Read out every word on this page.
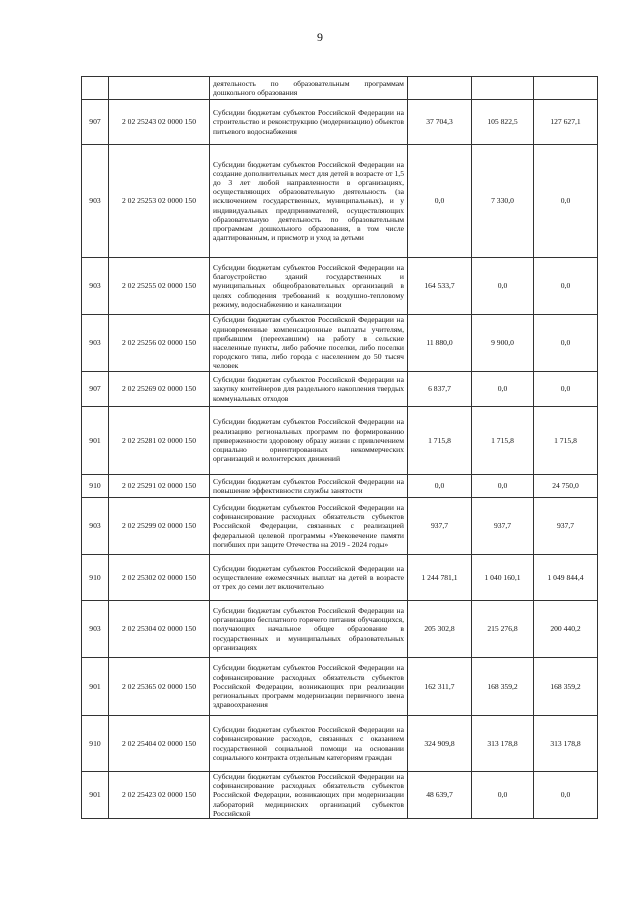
9
		деятельность по образовательным программам дошкольного образования			
907	2 02 25243 02 0000 150	Субсидии бюджетам субъектов Российской Федерации на строительство и реконструкцию (модернизацию) объектов питьевого водоснабжения	37 704,3	105 822,5	127 627,1
903	2 02 25253 02 0000 150	Субсидии бюджетам субъектов Российской Федерации на создание дополнительных мест для детей в возрасте от 1,5 до 3 лет любой направленности в организациях, осуществляющих образовательную деятельность (за исключением государственных, муниципальных), и у индивидуальных предпринимателей, осуществляющих образовательную деятельность по образовательным программам дошкольного образования, в том числе адаптированным, и присмотр и уход за детьми	0,0	7 330,0	0,0
903	2 02 25255 02 0000 150	Субсидии бюджетам субъектов Российской Федерации на благоустройство зданий государственных и муниципальных общеобразовательных организаций в целях соблюдения требований к воздушно-тепловому режиму, водоснабжению и канализации	164 533,7	0,0	0,0
903	2 02 25256 02 0000 150	Субсидии бюджетам субъектов Российской Федерации на единовременные компенсационные выплаты учителям, прибывшим (переехавшим) на работу в сельские населенные пункты, либо рабочие поселки, либо поселки городского типа, либо города с населением до 50 тысяч человек	11 880,0	9 900,0	0,0
907	2 02 25269 02 0000 150	Субсидии бюджетам субъектов Российской Федерации на закупку контейнеров для раздельного накопления твердых коммунальных отходов	6 837,7	0,0	0,0
901	2 02 25281 02 0000 150	Субсидии бюджетам субъектов Российской Федерации на реализацию региональных программ по формированию приверженности здоровому образу жизни с привлечением социально ориентированных некоммерческих организаций и волонтерских движений	1 715,8	1 715,8	1 715,8
910	2 02 25291 02 0000 150	Субсидии бюджетам субъектов Российской Федерации на повышение эффективности службы занятости	0,0	0,0	24 750,0
903	2 02 25299 02 0000 150	Субсидии бюджетам субъектов Российской Федерации на софинансирование расходных обязательств субъектов Российской Федерации, связанных с реализацией федеральной целевой программы «Увековечение памяти погибших при защите Отечества на 2019 - 2024 годы»	937,7	937,7	937,7
910	2 02 25302 02 0000 150	Субсидии бюджетам субъектов Российской Федерации на осуществление ежемесячных выплат на детей в возрасте от трех до семи лет включительно	1 244 781,1	1 040 160,1	1 049 844,4
903	2 02 25304 02 0000 150	Субсидии бюджетам субъектов Российской Федерации на организацию бесплатного горячего питания обучающихся, получающих начальное общее образование в государственных и муниципальных образовательных организациях	205 302,8	215 276,8	200 440,2
901	2 02 25365 02 0000 150	Субсидии бюджетам субъектов Российской Федерации на софинансирование расходных обязательств субъектов Российской Федерации, возникающих при реализации региональных программ модернизации первичного звена здравоохранения	162 311,7	168 359,2	168 359,2
910	2 02 25404 02 0000 150	Субсидии бюджетам субъектов Российской Федерации на софинансирование расходов, связанных с оказанием государственной социальной помощи на основании социального контракта отдельным категориям граждан	324 909,8	313 178,8	313 178,8
901	2 02 25423 02 0000 150	Субсидии бюджетам субъектов Российской Федерации на софинансирование расходных обязательств субъектов Российской Федерации, возникающих при модернизации лабораторий медицинских организаций субъектов Российской	48 639,7	0,0	0,0
